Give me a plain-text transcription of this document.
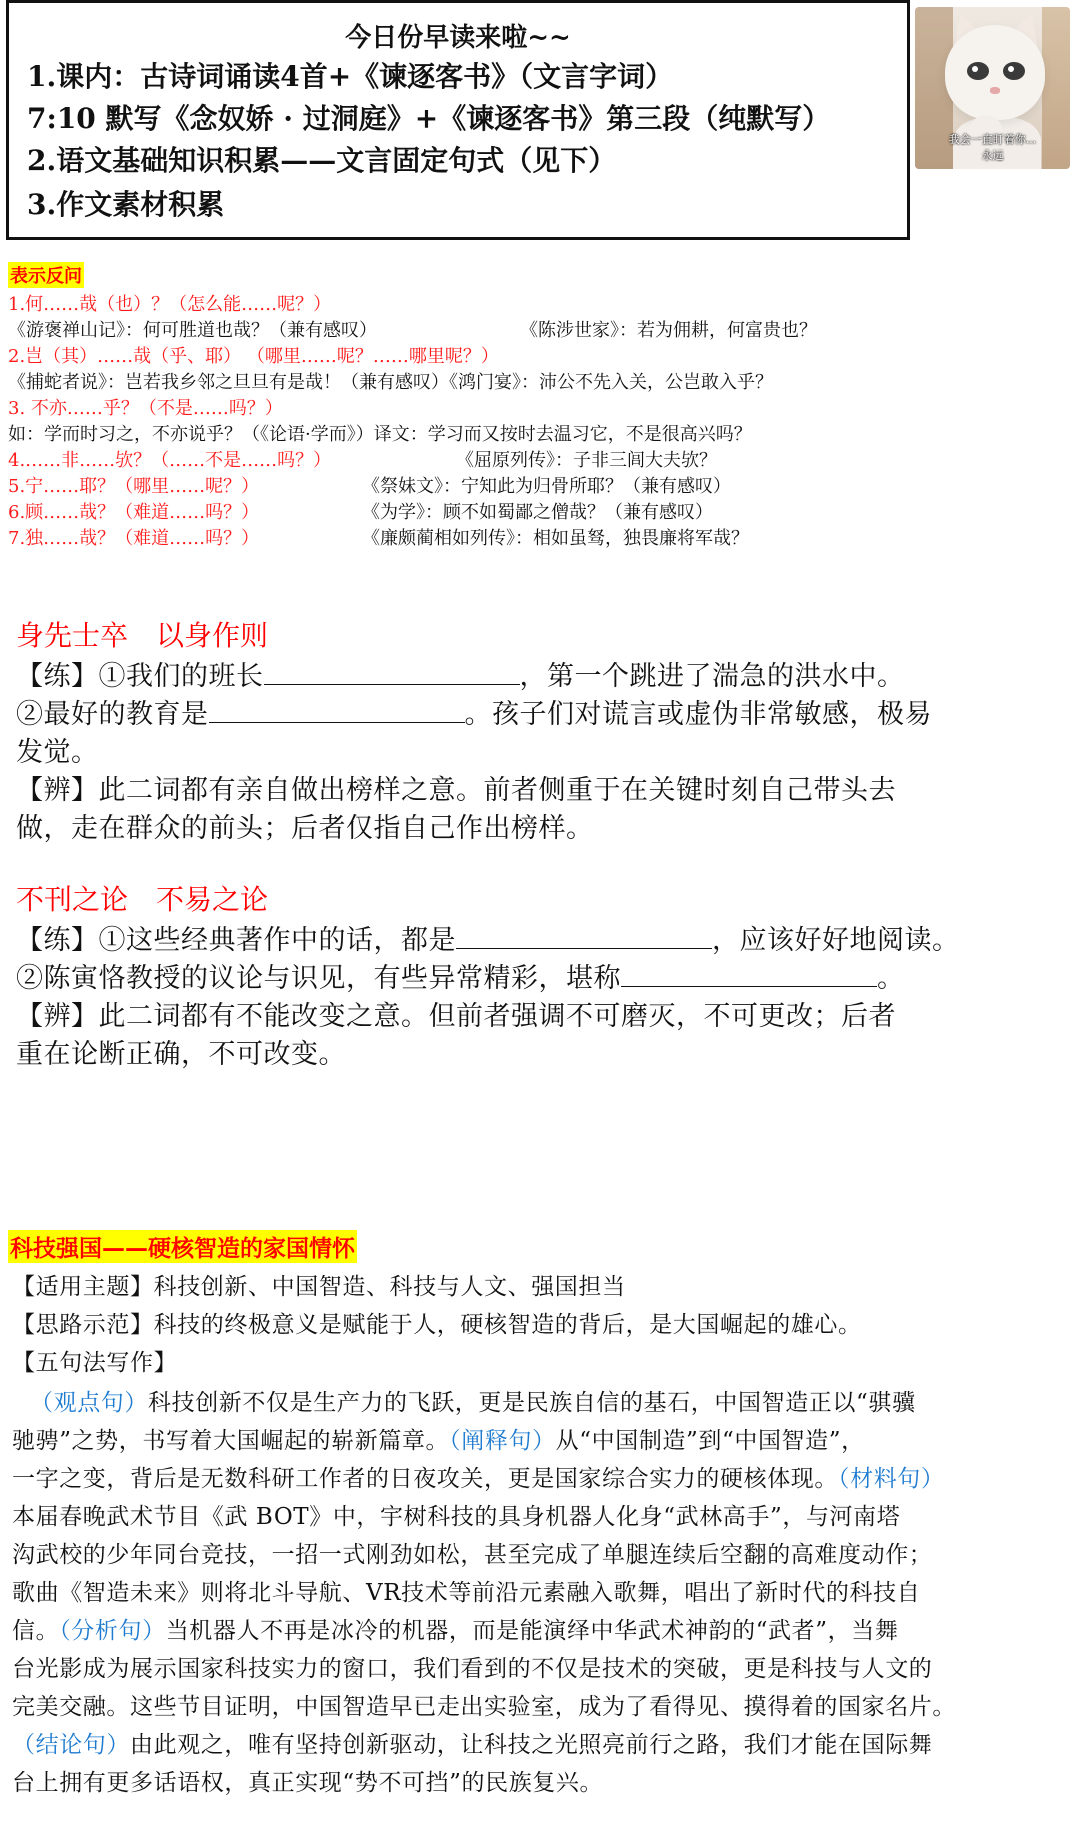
今日份早读来啦~~
1.课内：古诗词诵读4首+《谏逐客书》（文言字词）
7:10 默写《念奴娇 · 过洞庭》+《谏逐客书》第三段（纯默写）
2.语文基础知识积累——文言固定句式（见下）
3.作文素材积累
我会一直盯着你...
永远
表示反问
1.何……哉（也）？（怎么能……呢？）
《游褒禅山记》：何可胜道也哉？（兼有感叹）	《陈涉世家》：若为佣耕，何富贵也？
2.岂（其）……哉（乎、耶） （哪里……呢？……哪里呢？）
《捕蛇者说》：岂若我乡邻之旦旦有是哉！（兼有感叹）《鸿门宴》：沛公不先入关，公岂敢入乎？
3. 不亦……乎？（不是……吗？）
如：学而时习之，不亦说乎？（《论语·学而》）译文：学习而又按时去温习它，不是很高兴吗？
4.……非……欤？（……不是……吗？）	《屈原列传》：子非三闾大夫欤？
5.宁……耶？（哪里……呢？）	《祭妹文》：宁知此为归骨所耶？（兼有感叹）
6.顾……哉？（难道……吗？）	《为学》：顾不如蜀鄙之僧哉？（兼有感叹）
7.独……哉？（难道……吗？）	《廉颇蔺相如列传》：相如虽驽，独畏廉将军哉？
身先士卒　以身作则
【练】①我们的班长	，第一个跳进了湍急的洪水中。
②最好的教育是	。孩子们对谎言或虚伪非常敏感，极易
发觉。
【辨】此二词都有亲自做出榜样之意。前者侧重于在关键时刻自己带头去
做，走在群众的前头；后者仅指自己作出榜样。
不刊之论　不易之论
【练】①这些经典著作中的话，都是	，应该好好地阅读。
②陈寅恪教授的议论与识见，有些异常精彩，堪称	。
【辨】此二词都有不能改变之意。但前者强调不可磨灭，不可更改；后者
重在论断正确，不可改变。
科技强国——硬核智造的家国情怀
【适用主题】科技创新、中国智造、科技与人文、强国担当
【思路示范】科技的终极意义是赋能于人，硬核智造的背后，是大国崛起的雄心。
【五句法写作】
（观点句）科技创新不仅是生产力的飞跃，更是民族自信的基石，中国智造正以“骐骥
驰骋”之势，书写着大国崛起的崭新篇章。（阐释句）从“中国制造”到“中国智造”，
一字之变，背后是无数科研工作者的日夜攻关，更是国家综合实力的硬核体现。（材料句）
本届春晚武术节目《武 BOT》中，宇树科技的具身机器人化身“武林高手”，与河南塔
沟武校的少年同台竞技，一招一式刚劲如松，甚至完成了单腿连续后空翻的高难度动作；
歌曲《智造未来》则将北斗导航、VR技术等前沿元素融入歌舞，唱出了新时代的科技自
信。（分析句）当机器人不再是冰冷的机器，而是能演绎中华武术神韵的“武者”，当舞
台光影成为展示国家科技实力的窗口，我们看到的不仅是技术的突破，更是科技与人文的
完美交融。这些节目证明，中国智造早已走出实验室，成为了看得见、摸得着的国家名片。
（结论句）由此观之，唯有坚持创新驱动，让科技之光照亮前行之路，我们才能在国际舞
台上拥有更多话语权，真正实现“势不可挡”的民族复兴。
